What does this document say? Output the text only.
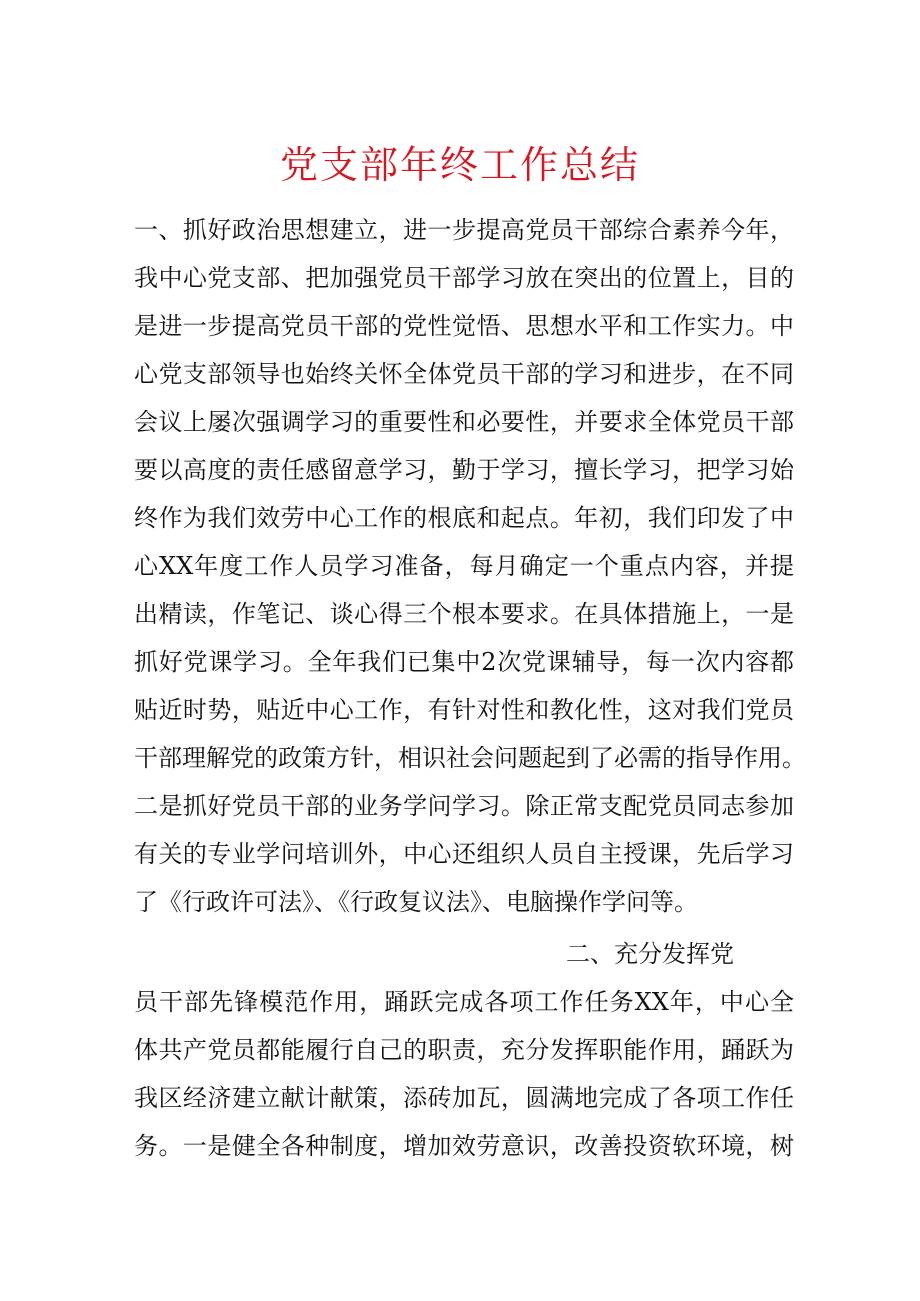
党支部年终工作总结
一、抓好政治思想建立，进一步提高党员干部综合素养今年，
我中心党支部、把加强党员干部学习放在突出的位置上，目的
是进一步提高党员干部的党性觉悟、思想水平和工作实力。中
心党支部领导也始终关怀全体党员干部的学习和进步，在不同
会议上屡次强调学习的重要性和必要性，并要求全体党员干部
要以高度的责任感留意学习，勤于学习，擅长学习，把学习始
终作为我们效劳中心工作的根底和起点。年初，我们印发了中
心XX年度工作人员学习准备，每月确定一个重点内容，并提
出精读，作笔记、谈心得三个根本要求。在具体措施上，一是
抓好党课学习。全年我们已集中2次党课辅导，每一次内容都
贴近时势，贴近中心工作，有针对性和教化性，这对我们党员
干部理解党的政策方针，相识社会问题起到了必需的指导作用。
二是抓好党员干部的业务学问学习。除正常支配党员同志参加
有关的专业学问培训外，中心还组织人员自主授课，先后学习
了《行政许可法》、《行政复议法》、电脑操作学问等。
二、充分发挥党
员干部先锋模范作用，踊跃完成各项工作任务XX年，中心全
体共产党员都能履行自己的职责，充分发挥职能作用，踊跃为
我区经济建立献计献策，添砖加瓦，圆满地完成了各项工作任
务。一是健全各种制度，增加效劳意识，改善投资软环境，树
